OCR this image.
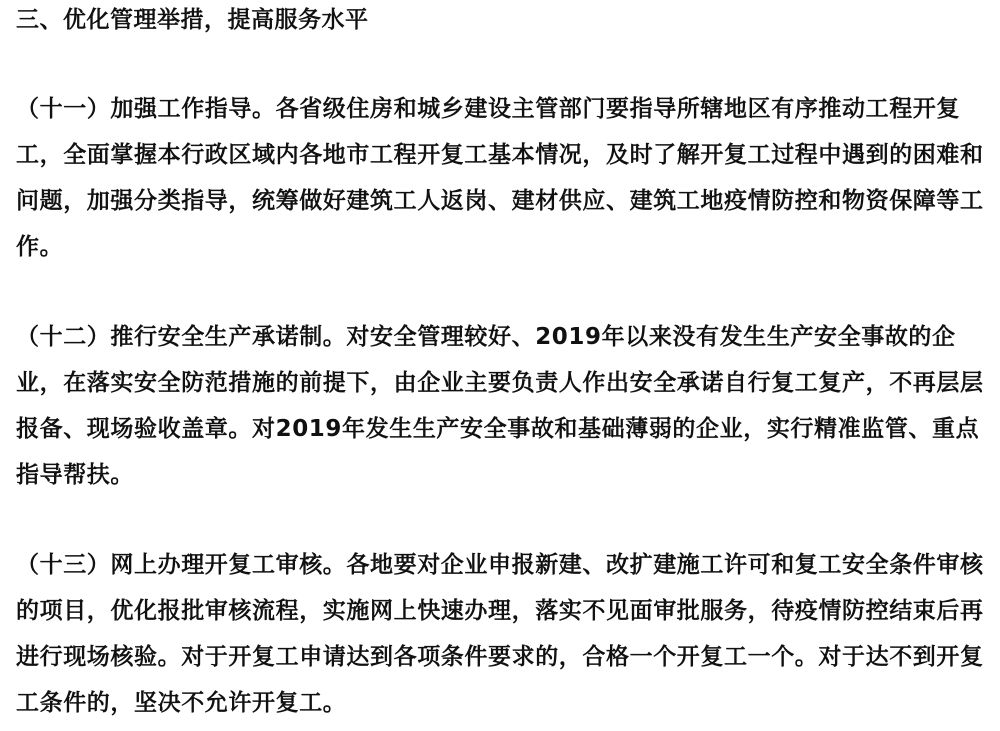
三、优化管理举措，提高服务水平

（十一）加强工作指导。各省级住房和城乡建设主管部门要指导所辖地区有序推动工程开复工，全面掌握本行政区域内各地市工程开复工基本情况，及时了解开复工过程中遇到的困难和问题，加强分类指导，统筹做好建筑工人返岗、建材供应、建筑工地疫情防控和物资保障等工作。

（十二）推行安全生产承诺制。对安全管理较好、2019年以来没有发生生产安全事故的企业，在落实安全防范措施的前提下，由企业主要负责人作出安全承诺自行复工复产，不再层层报备、现场验收盖章。对2019年发生生产安全事故和基础薄弱的企业，实行精准监管、重点指导帮扶。

（十三）网上办理开复工审核。各地要对企业申报新建、改扩建施工许可和复工安全条件审核的项目，优化报批审核流程，实施网上快速办理，落实不见面审批服务，待疫情防控结束后再进行现场核验。对于开复工申请达到各项条件要求的，合格一个开复工一个。对于达不到开复工条件的，坚决不允许开复工。
